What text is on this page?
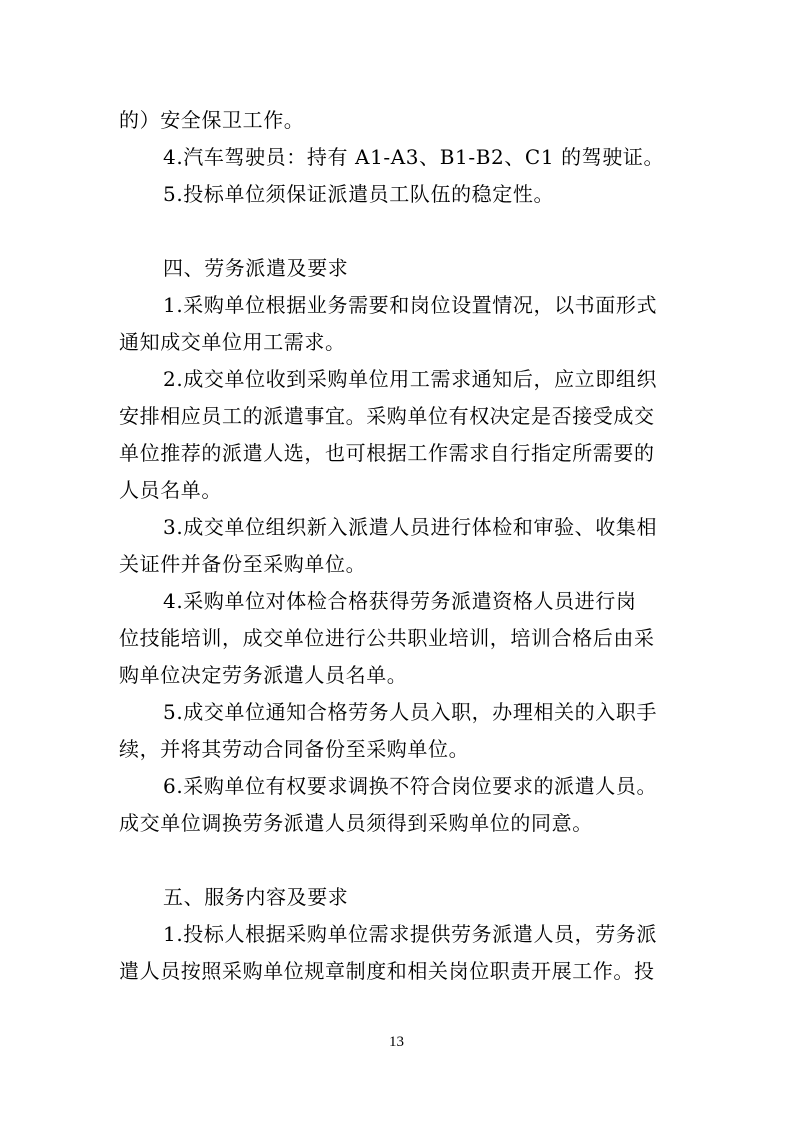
的）安全保卫工作。
4.汽车驾驶员：持有 A1-A3、B1-B2、C1 的驾驶证。
5.投标单位须保证派遣员工队伍的稳定性。
四、劳务派遣及要求
1.采购单位根据业务需要和岗位设置情况，以书面形式
通知成交单位用工需求。
2.成交单位收到采购单位用工需求通知后，应立即组织
安排相应员工的派遣事宜。采购单位有权决定是否接受成交
单位推荐的派遣人选，也可根据工作需求自行指定所需要的
人员名单。
3.成交单位组织新入派遣人员进行体检和审验、收集相
关证件并备份至采购单位。
4.采购单位对体检合格获得劳务派遣资格人员进行岗
位技能培训，成交单位进行公共职业培训，培训合格后由采
购单位决定劳务派遣人员名单。
5.成交单位通知合格劳务人员入职，办理相关的入职手
续，并将其劳动合同备份至采购单位。
6.采购单位有权要求调换不符合岗位要求的派遣人员。
成交单位调换劳务派遣人员须得到采购单位的同意。
五、服务内容及要求
1.投标人根据采购单位需求提供劳务派遣人员，劳务派
遣人员按照采购单位规章制度和相关岗位职责开展工作。投
13
